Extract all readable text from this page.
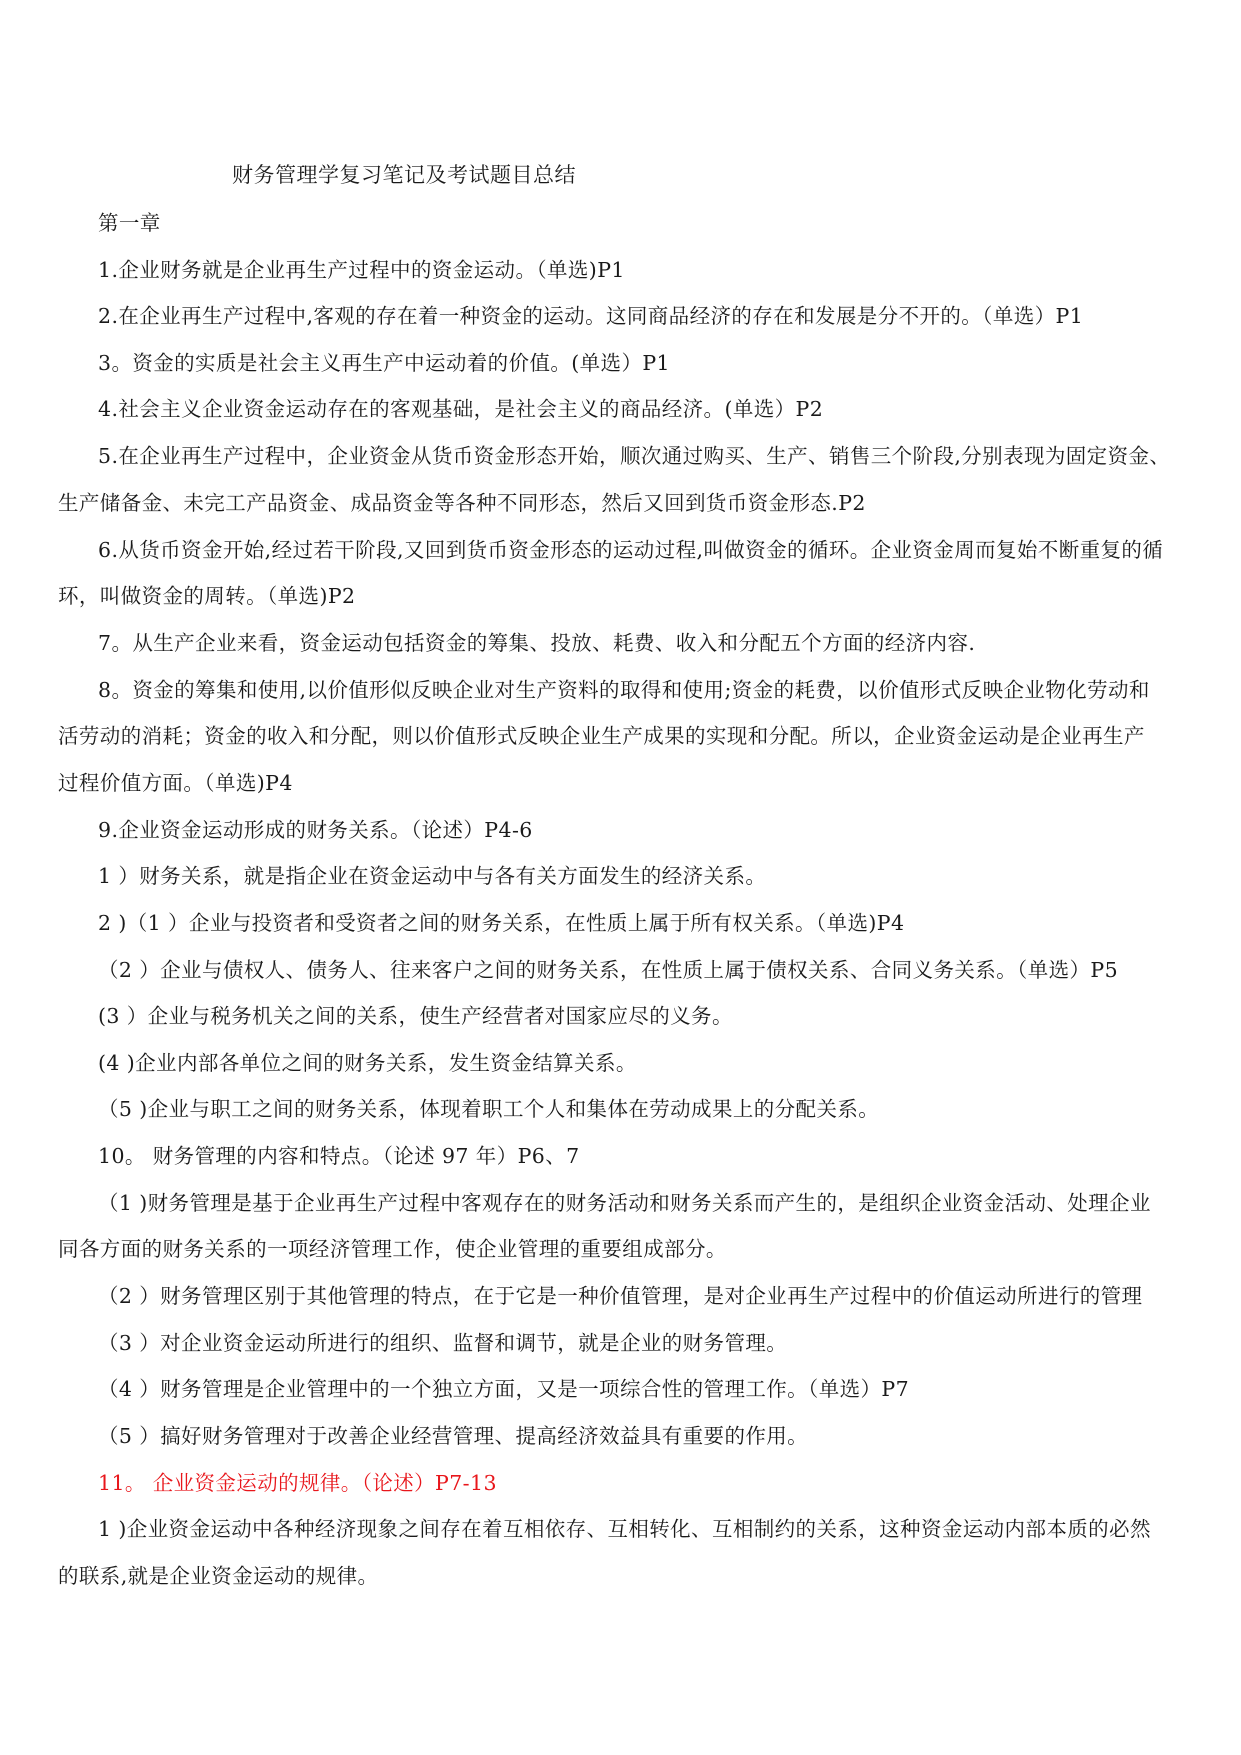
财务管理学复习笔记及考试题目总结
第一章
1.企业财务就是企业再生产过程中的资金运动。（单选)P1
2.在企业再生产过程中,客观的存在着一种资金的运动。这同商品经济的存在和发展是分不开的。（单选）P1
3。资金的实质是社会主义再生产中运动着的价值。(单选）P1
4.社会主义企业资金运动存在的客观基础，是社会主义的商品经济。(单选）P2
5.在企业再生产过程中，企业资金从货币资金形态开始，顺次通过购买、生产、销售三个阶段,分别表现为固定资金、
生产储备金、未完工产品资金、成品资金等各种不同形态，然后又回到货币资金形态.P2
6.从货币资金开始,经过若干阶段,又回到货币资金形态的运动过程,叫做资金的循环。企业资金周而复始不断重复的循
环，叫做资金的周转。（单选)P2
7。从生产企业来看，资金运动包括资金的筹集、投放、耗费、收入和分配五个方面的经济内容.
8。资金的筹集和使用,以价值形似反映企业对生产资料的取得和使用;资金的耗费，以价值形式反映企业物化劳动和
活劳动的消耗；资金的收入和分配，则以价值形式反映企业生产成果的实现和分配。所以，企业资金运动是企业再生产
过程价值方面。（单选)P4
9.企业资金运动形成的财务关系。（论述）P4-6
1 ）财务关系，就是指企业在资金运动中与各有关方面发生的经济关系。
2 )（1 ）企业与投资者和受资者之间的财务关系，在性质上属于所有权关系。（单选)P4
（2 ）企业与债权人、债务人、往来客户之间的财务关系，在性质上属于债权关系、合同义务关系。（单选）P5
(3 ）企业与税务机关之间的关系，使生产经营者对国家应尽的义务。
(4 )企业内部各单位之间的财务关系，发生资金结算关系。
（5 )企业与职工之间的财务关系，体现着职工个人和集体在劳动成果上的分配关系。
10。 财务管理的内容和特点。（论述 97 年）P6、7
（1 )财务管理是基于企业再生产过程中客观存在的财务活动和财务关系而产生的，是组织企业资金活动、处理企业
同各方面的财务关系的一项经济管理工作，使企业管理的重要组成部分。
（2 ）财务管理区别于其他管理的特点，在于它是一种价值管理，是对企业再生产过程中的价值运动所进行的管理
（3 ）对企业资金运动所进行的组织、监督和调节，就是企业的财务管理。
（4 ）财务管理是企业管理中的一个独立方面，又是一项综合性的管理工作。（单选）P7
（5 ）搞好财务管理对于改善企业经营管理、提高经济效益具有重要的作用。
11。 企业资金运动的规律。（论述）P7-13
1 )企业资金运动中各种经济现象之间存在着互相依存、互相转化、互相制约的关系，这种资金运动内部本质的必然
的联系,就是企业资金运动的规律。
